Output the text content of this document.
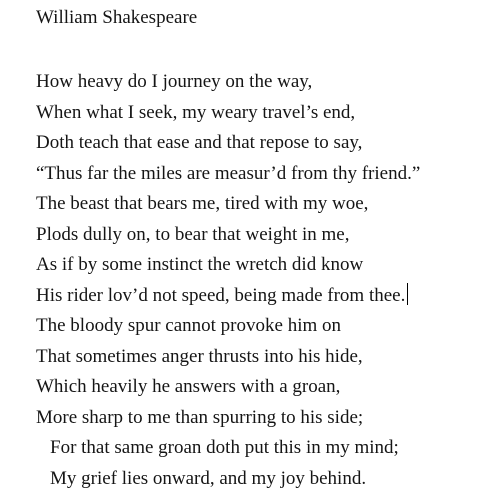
William Shakespeare
How heavy do I journey on the way,
When what I seek, my weary travel’s end,
Doth teach that ease and that repose to say,
“Thus far the miles are measur’d from thy friend.”
The beast that bears me, tired with my woe,
Plods dully on, to bear that weight in me,
As if by some instinct the wretch did know
His rider lov’d not speed, being made from thee.
The bloody spur cannot provoke him on
That sometimes anger thrusts into his hide,
Which heavily he answers with a groan,
More sharp to me than spurring to his side;
For that same groan doth put this in my mind;
My grief lies onward, and my joy behind.
